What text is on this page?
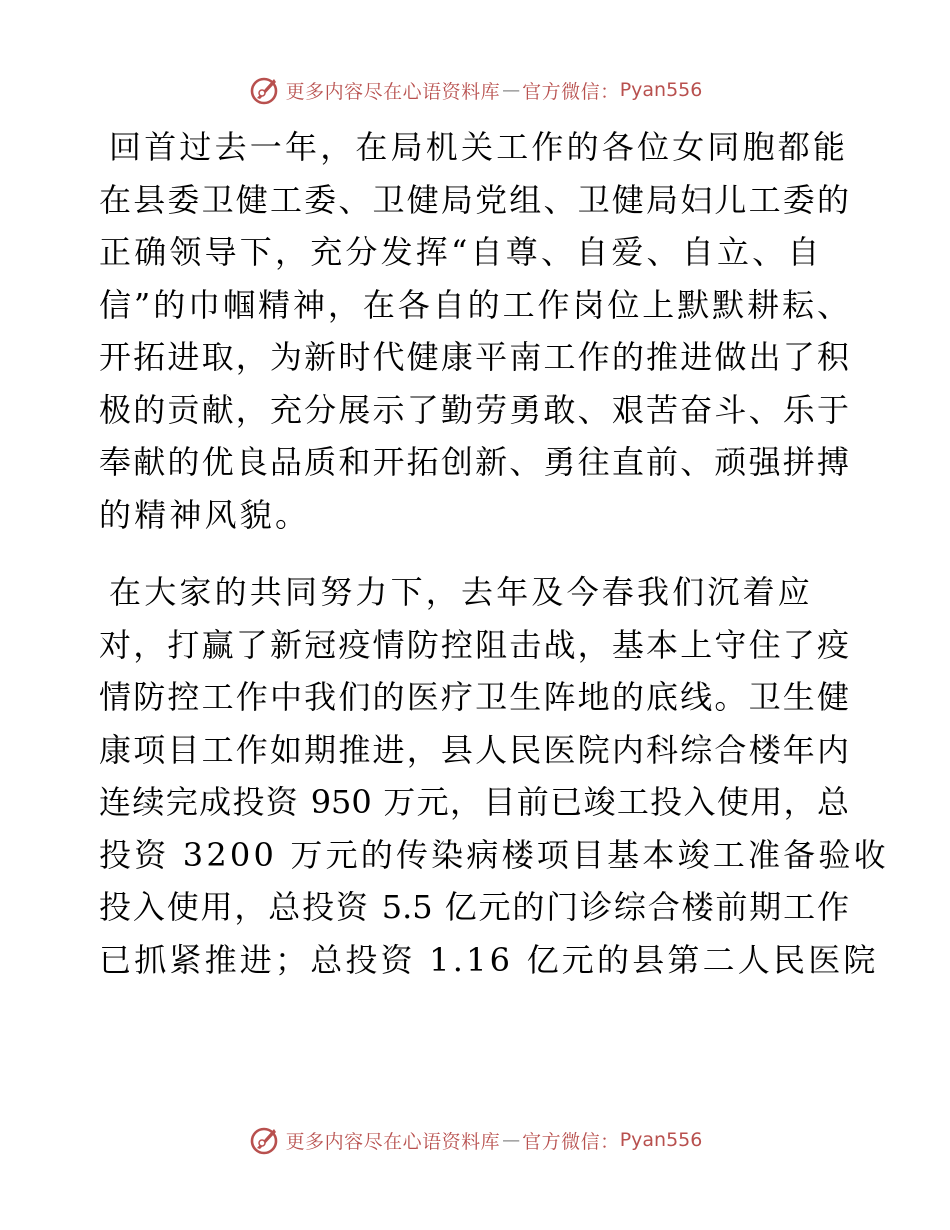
更多内容尽在心语资料库 — 官方微信： Pyan556
回首过去一年，在局机关工作的各位女同胞都能
在县委卫健工委、卫健局党组、卫健局妇儿工委的
正确领导下，充分发挥“自尊、自爱、自立、自
信”的巾帼精神，在各自的工作岗位上默默耕耘、
开拓进取，为新时代健康平南工作的推进做出了积
极的贡献，充分展示了勤劳勇敢、艰苦奋斗、乐于
奉献的优良品质和开拓创新、勇往直前、顽强拼搏
的精神风貌。
在大家的共同努力下，去年及今春我们沉着应
对，打赢了新冠疫情防控阻击战，基本上守住了疫
情防控工作中我们的医疗卫生阵地的底线。卫生健
康项目工作如期推进，县人民医院内科综合楼年内
连续完成投资 950 万元，目前已竣工投入使用，总
投资 3200 万元的传染病楼项目基本竣工准备验收
投入使用，总投资 5.5 亿元的门诊综合楼前期工作
已抓紧推进；总投资 1.16 亿元的县第二人民医院
更多内容尽在心语资料库 — 官方微信： Pyan556
